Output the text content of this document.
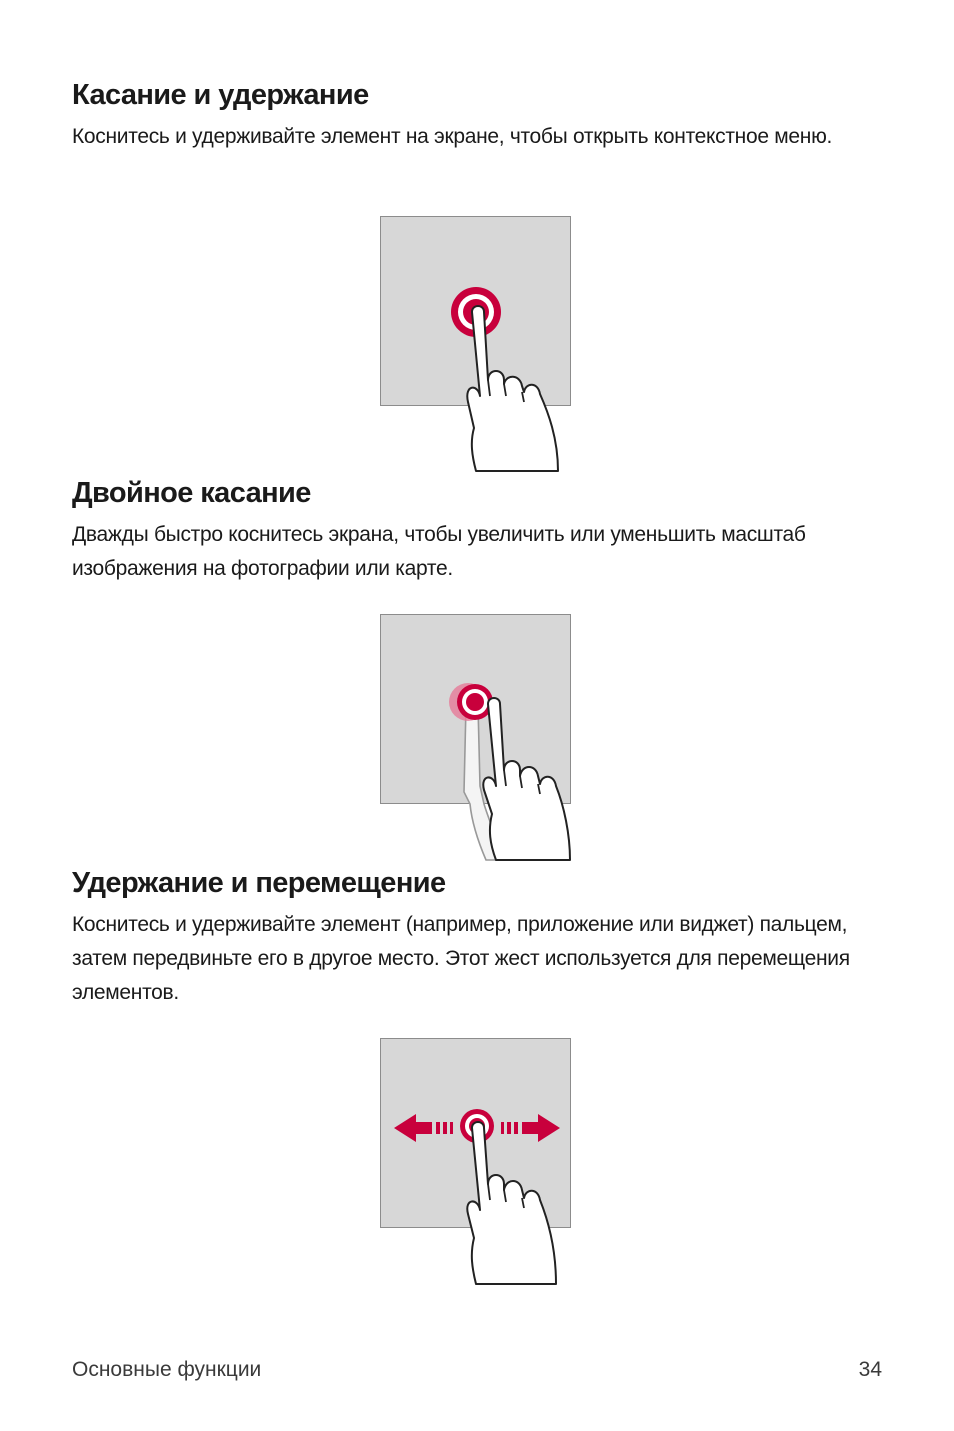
Касание и удержание

Коснитесь и удерживайте элемент на экране, чтобы открыть контекстное меню.

Двойное касание

Дважды быстро коснитесь экрана, чтобы увеличить или уменьшить масштаб изображения на фотографии или карте.

Удержание и перемещение

Коснитесь и удерживайте элемент (например, приложение или виджет) пальцем, затем передвиньте его в другое место. Этот жест используется для перемещения элементов.

Основные функции	34
